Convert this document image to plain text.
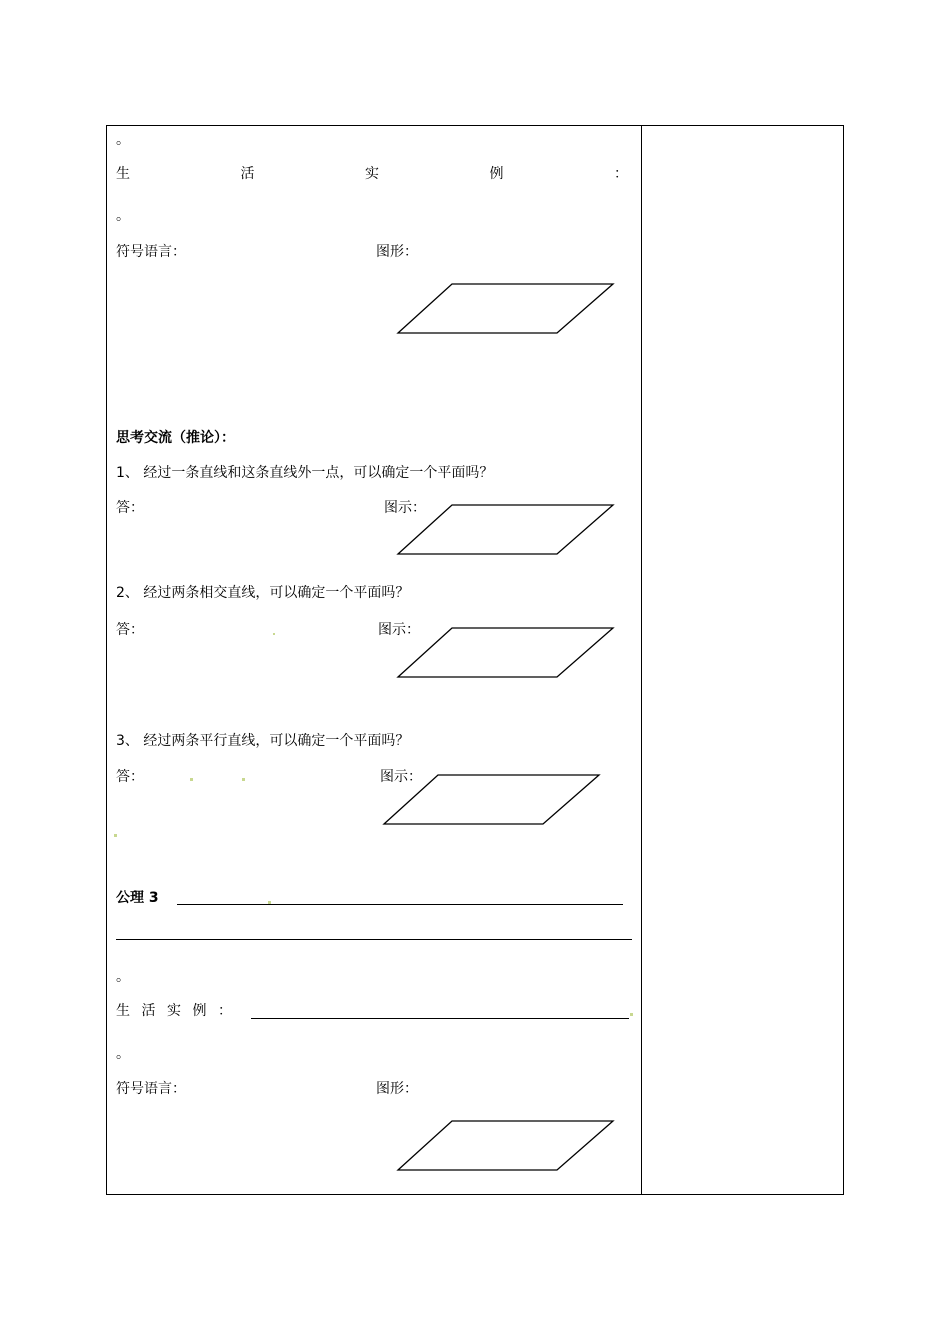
。
生	活	实	例	：
。
符号语言：	图形：
思考交流（推论）：
1、 经过一条直线和这条直线外一点，可以确定一个平面吗？
答：	图示：
2、 经过两条相交直线，可以确定一个平面吗？
答：	图示：
3、 经过两条平行直线，可以确定一个平面吗？
答：	图示：
公理 3
。
生 活 实 例 ：
。
符号语言：	图形：
